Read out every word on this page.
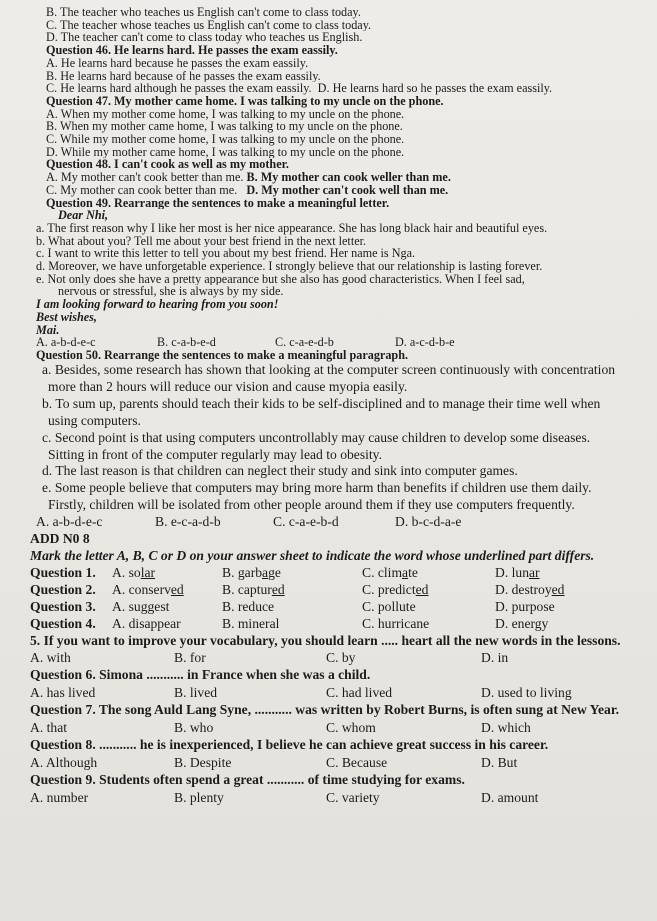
B. The teacher who teaches us English can't come to class today.
C. The teacher whose teaches us English can't come to class today.
D. The teacher can't come to class today who teaches us English.
Question 46. He learns hard. He passes the exam eassily.
A. He learns hard because he passes the exam eassily.
B. He learns hard because of he passes the exam eassily.
C. He learns hard although he passes the exam eassily. D. He learns hard so he passes the exam eassily.
Question 47. My mother came home. I was talking to my uncle on the phone.
A. When my mother come home, I was talking to my uncle on the phone.
B. When my mother came home, I was talking to my uncle on the phone.
C. While my mother come home, I was talking to my uncle on the phone.
D. While my mother came home, I was talking to my uncle on the phone.
Question 48. I can't cook as well as my mother.
A. My mother can't cook better than me. B. My mother can cook weller than me.
C. My mother can cook better than me. D. My mother can't cook well than me.
Question 49. Rearrange the sentences to make a meaningful letter.
Dear Nhi,
a. The first reason why I like her most is her nice appearance. She has long black hair and beautiful eyes.
b. What about you? Tell me about your best friend in the next letter.
c. I want to write this letter to tell you about my best friend. Her name is Nga.
d. Moreover, we have unforgetable experience. I strongly believe that our relationship is lasting forever.
e. Not only does she have a pretty appearance but she also has good characteristics. When I feel sad,
nervous or stressful, she is always by my side.
I am looking forward to hearing from you soon!
Best wishes,
Mai.
A. a-b-d-e-c	B. c-a-b-e-d	C. c-a-e-d-b	D. a-c-d-b-e
Question 50. Rearrange the sentences to make a meaningful paragraph.
a. Besides, some research has shown that looking at the computer screen continuously with concentration
more than 2 hours will reduce our vision and cause myopia easily.
b. To sum up, parents should teach their kids to be self-disciplined and to manage their time well when
using computers.
c. Second point is that using computers uncontrollably may cause children to develop some diseases.
Sitting in front of the computer regularly may lead to obesity.
d. The last reason is that children can neglect their study and sink into computer games.
e. Some people believe that computers may bring more harm than benefits if children use them daily.
Firstly, children will be isolated from other people around them if they use computers frequently.
A. a-b-d-e-c	B. e-c-a-d-b	C. c-a-e-b-d	D. b-c-d-a-e
ADD N0 8
Mark the letter A, B, C or D on your answer sheet to indicate the word whose underlined part differs.
Question 1. A. solar	B. garbage	C. climate	D. lunar
Question 2. A. conserved	B. captured	C. predicted	D. destroyed
Question 3. A. suggest	B. reduce	C. pollute	D. purpose
Question 4. A. disappear	B. mineral	C. hurricane	D. energy
5. If you want to improve your vocabulary, you should learn ..... heart all the new words in the lessons.
A. with	B. for	C. by	D. in
Question 6. Simona ........... in France when she was a child.
A. has lived	B. lived	C. had lived	D. used to living
Question 7. The song Auld Lang Syne, ........... was written by Robert Burns, is often sung at New Year.
A. that	B. who	C. whom	D. which
Question 8. ........... he is inexperienced, I believe he can achieve great success in his career.
A. Although	B. Despite	C. Because	D. But
Question 9. Students often spend a great ........... of time studying for exams.
A. number	B. plenty	C. variety	D. amount
